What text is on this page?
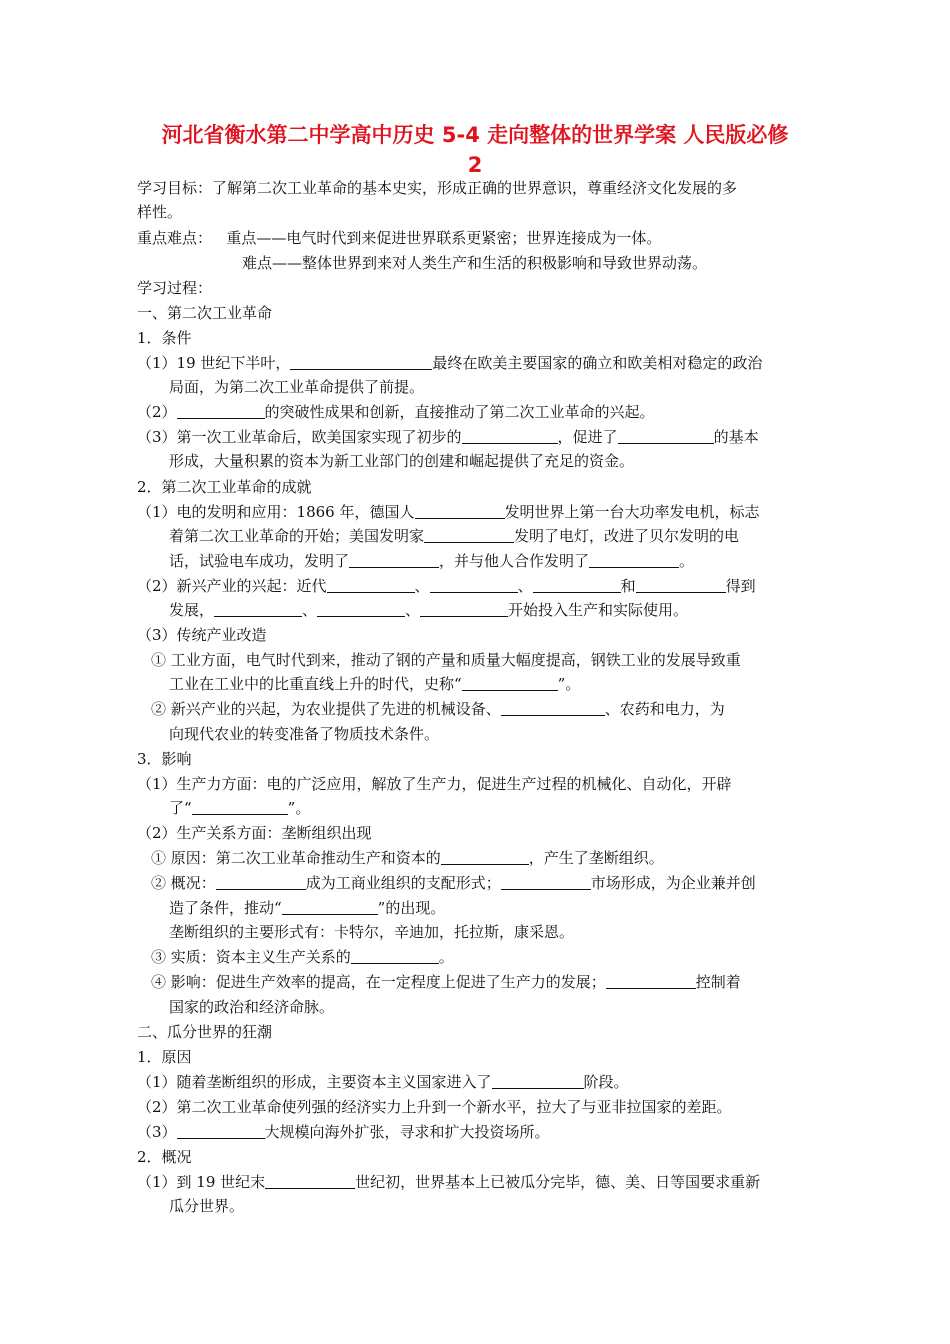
河北省衡水第二中学高中历史 5-4 走向整体的世界学案 人民版必修
2
学习目标：了解第二次工业革命的基本史实，形成正确的世界意识，尊重经济文化发展的多
样性。
重点难点： 重点——电气时代到来促进世界联系更紧密；世界连接成为一体。
难点——整体世界到来对人类生产和生活的积极影响和导致世界动荡。
学习过程：
一、第二次工业革命
1．条件
（1）19 世纪下半叶，	最终在欧美主要国家的确立和欧美相对稳定的政治
局面，为第二次工业革命提供了前提。
（2）	的突破性成果和创新，直接推动了第二次工业革命的兴起。
（3）第一次工业革命后，欧美国家实现了初步的	，促进了	的基本
形成，大量积累的资本为新工业部门的创建和崛起提供了充足的资金。
2．第二次工业革命的成就
（1）电的发明和应用：1866 年，德国人	发明世界上第一台大功率发电机，标志
着第二次工业革命的开始；美国发明家	发明了电灯，改进了贝尔发明的电
话，试验电车成功，发明了	，并与他人合作发明了	。
（2）新兴产业的兴起：近代	、	、	和	得到
发展，	、	、	开始投入生产和实际使用。
（3）传统产业改造
① 工业方面，电气时代到来，推动了钢的产量和质量大幅度提高，钢铁工业的发展导致重
工业在工业中的比重直线上升的时代，史称“	”。
② 新兴产业的兴起，为农业提供了先进的机械设备、	、农药和电力，为
向现代农业的转变准备了物质技术条件。
3．影响
（1）生产力方面：电的广泛应用，解放了生产力，促进生产过程的机械化、自动化，开辟
了“	”。
（2）生产关系方面：垄断组织出现
① 原因：第二次工业革命推动生产和资本的	，产生了垄断组织。
② 概况：	成为工商业组织的支配形式；	市场形成，为企业兼并创
造了条件，推动“	”的出现。
垄断组织的主要形式有：卡特尔，辛迪加，托拉斯，康采恩。
③ 实质：资本主义生产关系的	。
④ 影响：促进生产效率的提高，在一定程度上促进了生产力的发展；	控制着
国家的政治和经济命脉。
二、瓜分世界的狂潮
1．原因
（1）随着垄断组织的形成，主要资本主义国家进入了	阶段。
（2）第二次工业革命使列强的经济实力上升到一个新水平，拉大了与亚非拉国家的差距。
（3）	大规模向海外扩张，寻求和扩大投资场所。
2．概况
（1）到 19 世纪末	世纪初，世界基本上已被瓜分完毕，德、美、日等国要求重新
瓜分世界。
